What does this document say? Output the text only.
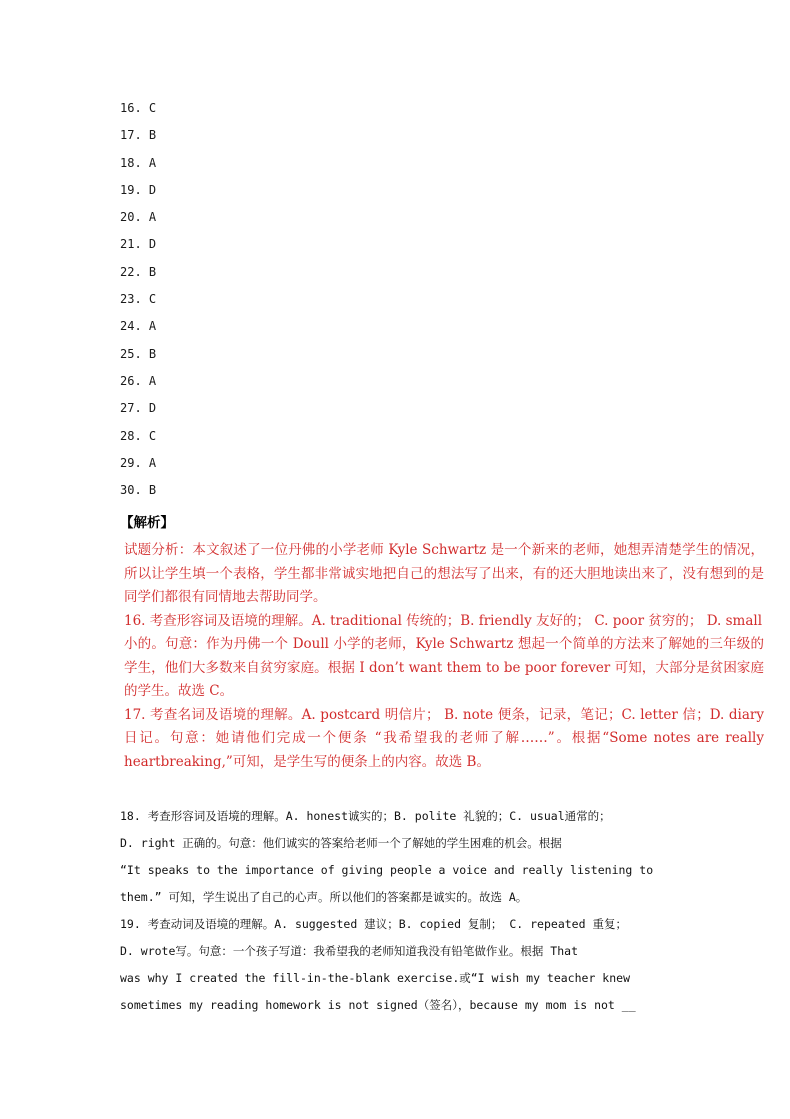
16. C
17. B
18. A
19. D
20. A
21. D
22. B
23. C
24. A
25. B
26. A
27. D
28. C
29. A
30. B
【解析】

试题分析：本文叙述了一位丹佛的小学老师 Kyle Schwartz 是一个新来的老师，她想弄清楚学生的情况，所以让学生填一个表格，学生都非常诚实地把自己的想法写了出来，有的还大胆地读出来了，没有想到的是同学们都很有同情地去帮助同学。

16. 考查形容词及语境的理解。A. traditional 传统的；B. friendly 友好的； C. poor 贫穷的； D. small

小的。句意：作为丹佛一个 Doull 小学的老师，Kyle Schwartz 想起一个简单的方法来了解她的三年级的学生，他们大多数来自贫穷家庭。根据 I don’t want them to be poor forever 可知，大部分是贫困家庭的学生。故选 C。

17. 考查名词及语境的理解。A. postcard 明信片； B. note 便条，记录，笔记；C. letter 信；D. diary 日记。句意：她请他们完成一个便条 “我希望我的老师了解……”。根据“Some notes are really heartbreaking,”可知，是学生写的便条上的内容。故选 B。

18. 考查形容词及语境的理解。A. honest诚实的；B. polite 礼貌的；C. usual通常的；

D. right 正确的。句意：他们诚实的答案给老师一个了解她的学生困难的机会。根据

“It speaks to the importance of giving people a voice and really listening to

them.” 可知，学生说出了自己的心声。所以他们的答案都是诚实的。故选 A。

19. 考查动词及语境的理解。A. suggested 建议；B. copied 复制； C. repeated 重复；

D. wrote写。句意：一个孩子写道：我希望我的老师知道我没有铅笔做作业。根据 That

was why I created the fill-in-the-blank exercise.或“I wish my teacher knew

sometimes my reading homework is not signed（签名），because my mom is not __
